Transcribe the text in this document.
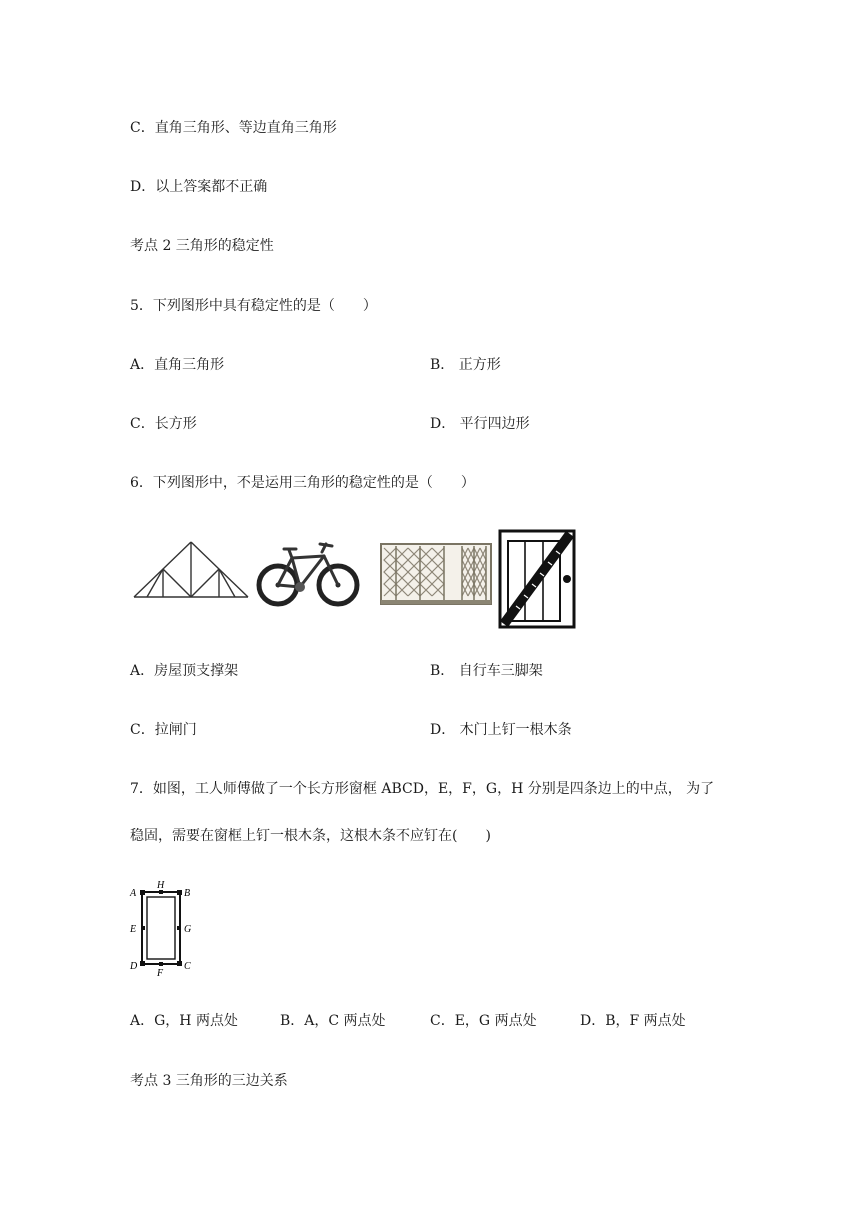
C．直角三角形、等边直角三角形
D．以上答案都不正确
考点 2 三角形的稳定性
5．下列图形中具有稳定性的是（　　）
A．直角三角形	B． 正方形
C．长方形	D． 平行四边形
6．下列图形中，不是运用三角形的稳定性的是（　　）
A．房屋顶支撑架	B． 自行车三脚架
C．拉闸门	D． 木门上钉一根木条
7．如图，工人师傅做了一个长方形窗框 ABCD，E，F，G，H 分别是四条边上的中点， 为了
稳固，需要在窗框上钉一根木条，这根木条不应钉在(　　)
A	B
C
D
E
F
G
H
A．G，H 两点处	B．A，C 两点处	C．E，G 两点处	D．B，F 两点处
考点 3 三角形的三边关系
